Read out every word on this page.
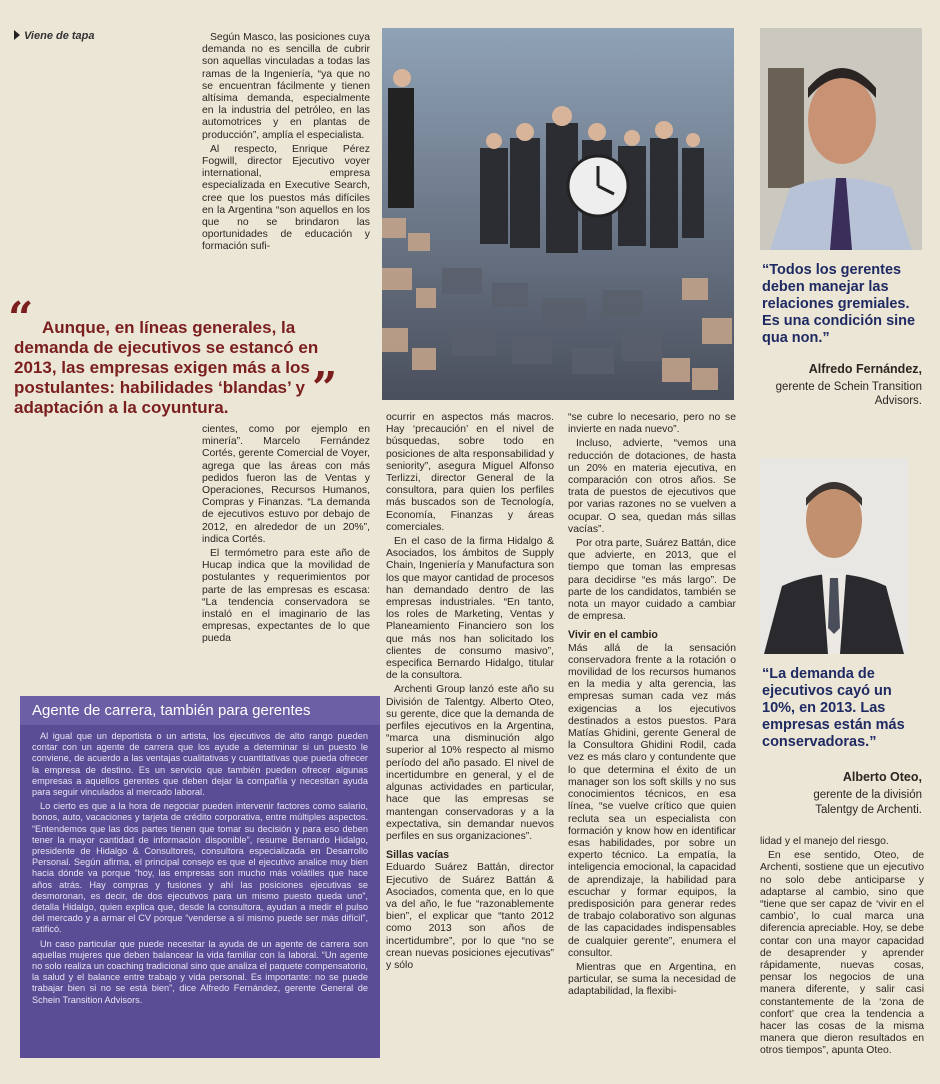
Viene de tapa	Según Masco, las posiciones cuya demanda no es sencilla de cubrir son aquellas vinculadas a todas las ramas de la Ingeniería, “ya que no se encuentran fácilmente y tienen altísima demanda, especialmente en la industria del petróleo, en las automotrices y en plantas de producción”, amplía el especialista.

Al respecto, Enrique Pérez Fogwill, director Ejecutivo voyer international, empresa especializada en Executive Search, cree que los puestos más difíciles en la Argentina “son aquellos en los que no se brindaron las oportunidades de educación y formación sufi-

“Todos los gerentes deben manejar las relaciones gremiales. Es una condición sine qua non.”
Alfredo Fernández,
gerente de Schein Transition Advisors.
“ Aunque, en líneas generales, la demanda de ejecutivos se estancó en 2013, las empresas exigen más a los postulantes: habilidades ‘blandas’ y adaptación a la coyuntura.	”

cientes, como por ejemplo en minería”. Marcelo Fernández Cortés, gerente Comercial de Voyer, agrega que las áreas con más pedidos fueron las de Ventas y Operaciones, Recursos Humanos, Compras y Finanzas. “La demanda de ejecutivos estuvo por debajo de 2012, en alrededor de un 20%”, indica Cortés.

El termómetro para este año de Hucap indica que la movilidad de postulantes y requerimientos por parte de las empresas es escasa: “La tendencia conservadora se instaló en el imaginario de las empresas, expectantes de lo que pueda

Agente de carrera, también para gerentes

Al igual que un deportista o un artista, los ejecutivos de alto rango pueden contar con un agente de carrera que los ayude a determinar si un puesto le conviene, de acuerdo a las ventajas cualitativas y cuantitativas que pueda ofrecer la empresa de destino. Es un servicio que también pueden ofrecer algunas empresas a aquellos gerentes que deben dejar la compañía y necesitan ayuda para seguir vinculados al mercado laboral.

Lo cierto es que a la hora de negociar pueden intervenir factores como salario, bonos, auto, vacaciones y tarjeta de crédito corporativa, entre múltiples aspectos. “Entendemos que las dos partes tienen que tomar su decisión y para eso deben tener la mayor cantidad de información disponible”, resume Bernardo Hidalgo, presidente de Hidalgo & Consultores, consultora especializada en Desarrollo Personal. Según afirma, el principal consejo es que el ejecutivo analice muy bien hacia dónde va porque “hoy, las empresas son mucho más volátiles que hace años atrás. Hay compras y fusiones y ahí las posiciones ejecutivas se desmoronan, es decir, de dos ejecutivos para un mismo puesto queda uno”, detalla Hidalgo, quien explica que, desde la consultora, ayudan a medir el pulso del mercado y a armar el CV porque “venderse a sí mismo puede ser más difícil”, ratificó.

Un caso particular que puede necesitar la ayuda de un agente de carrera son aquellas mujeres que deben balancear la vida familiar con la laboral. “Un agente no solo realiza un coaching tradicional sino que analiza el paquete compensatorio, la salud y el balance entre trabajo y vida personal. Es importante: no se puede trabajar bien si no se está bien”, dice Alfredo Fernández, gerente General de Schein Transition Advisors.

ocurrir en aspectos más macros. Hay ‘precaución’ en el nivel de búsquedas, sobre todo en posiciones de alta responsabilidad y seniority”, asegura Miguel Alfonso Terlizzi, director General de la consultora, para quien los perfiles más buscados son de Tecnología, Economía, Finanzas y áreas comerciales.

En el caso de la firma Hidalgo & Asociados, los ámbitos de Supply Chain, Ingeniería y Manufactura son los que mayor cantidad de procesos han demandado dentro de las empresas industriales. “En tanto, los roles de Marketing, Ventas y Planeamiento Financiero son los que más nos han solicitado los clientes de consumo masivo”, especifica Bernardo Hidalgo, titular de la consultora.

Archenti Group lanzó este año su División de Talentgy. Alberto Oteo, su gerente, dice que la demanda de perfiles ejecutivos en la Argentina, “marca una disminución algo superior al 10% respecto al mismo período del año pasado. El nivel de incertidumbre en general, y el de algunas actividades en particular, hace que las empresas se mantengan conservadoras y a la expectativa, sin demandar nuevos perfiles en sus organizaciones”.

Sillas vacías

Eduardo Suárez Battán, director Ejecutivo de Suárez Battán & Asociados, comenta que, en lo que va del año, le fue “razonablemente bien”, el explicar que “tanto 2012 como 2013 son años de incertidumbre”, por lo que “no se crean nuevas posiciones ejecutivas” y sólo

“se cubre lo necesario, pero no se invierte en nada nuevo”.

Incluso, advierte, “vemos una reducción de dotaciones, de hasta un 20% en materia ejecutiva, en comparación con otros años. Se trata de puestos de ejecutivos que por varias razones no se vuelven a ocupar. O sea, quedan más sillas vacías”.

Por otra parte, Suárez Battán, dice que advierte, en 2013, que el tiempo que toman las empresas para decidirse “es más largo”. De parte de los candidatos, también se nota un mayor cuidado a cambiar de empresa.

Vivir en el cambio

Más allá de la sensación conservadora frente a la rotación o movilidad de los recursos humanos en la media y alta gerencia, las empresas suman cada vez más exigencias a los ejecutivos destinados a estos puestos. Para Matías Ghidini, gerente General de la Consultora Ghidini Rodil, cada vez es más claro y contundente que lo que determina el éxito de un manager son los soft skills y no sus conocimientos técnicos, en esa línea, “se vuelve crítico que quien recluta sea un especialista con formación y know how en identificar esas habilidades, por sobre un experto técnico. La empatía, la inteligencia emocional, la capacidad de aprendizaje, la habilidad para escuchar y formar equipos, la predisposición para generar redes de trabajo colaborativo son algunas de las capacidades indispensables de cualquier gerente”, enumera el consultor.

Mientras que en Argentina, en particular, se suma la necesidad de adaptabilidad, la flexibi-

“La demanda de ejecutivos cayó un 10%, en 2013. Las empresas están más conservadoras.”
Alberto Oteo,
gerente de la división
Talentgy de Archenti.

lidad y el manejo del riesgo.

En ese sentido, Oteo, de Archenti, sostiene que un ejecutivo no solo debe anticiparse y adaptarse al cambio, sino que “tiene que ser capaz de ‘vivir en el cambio’, lo cual marca una diferencia apreciable. Hoy, se debe contar con una mayor capacidad de desaprender y aprender rápidamente, nuevas cosas, pensar los negocios de una manera diferente, y salir casi constantemente de la ‘zona de confort’ que crea la tendencia a hacer las cosas de la misma manera que dieron resultados en otros tiempos”, apunta Oteo.
